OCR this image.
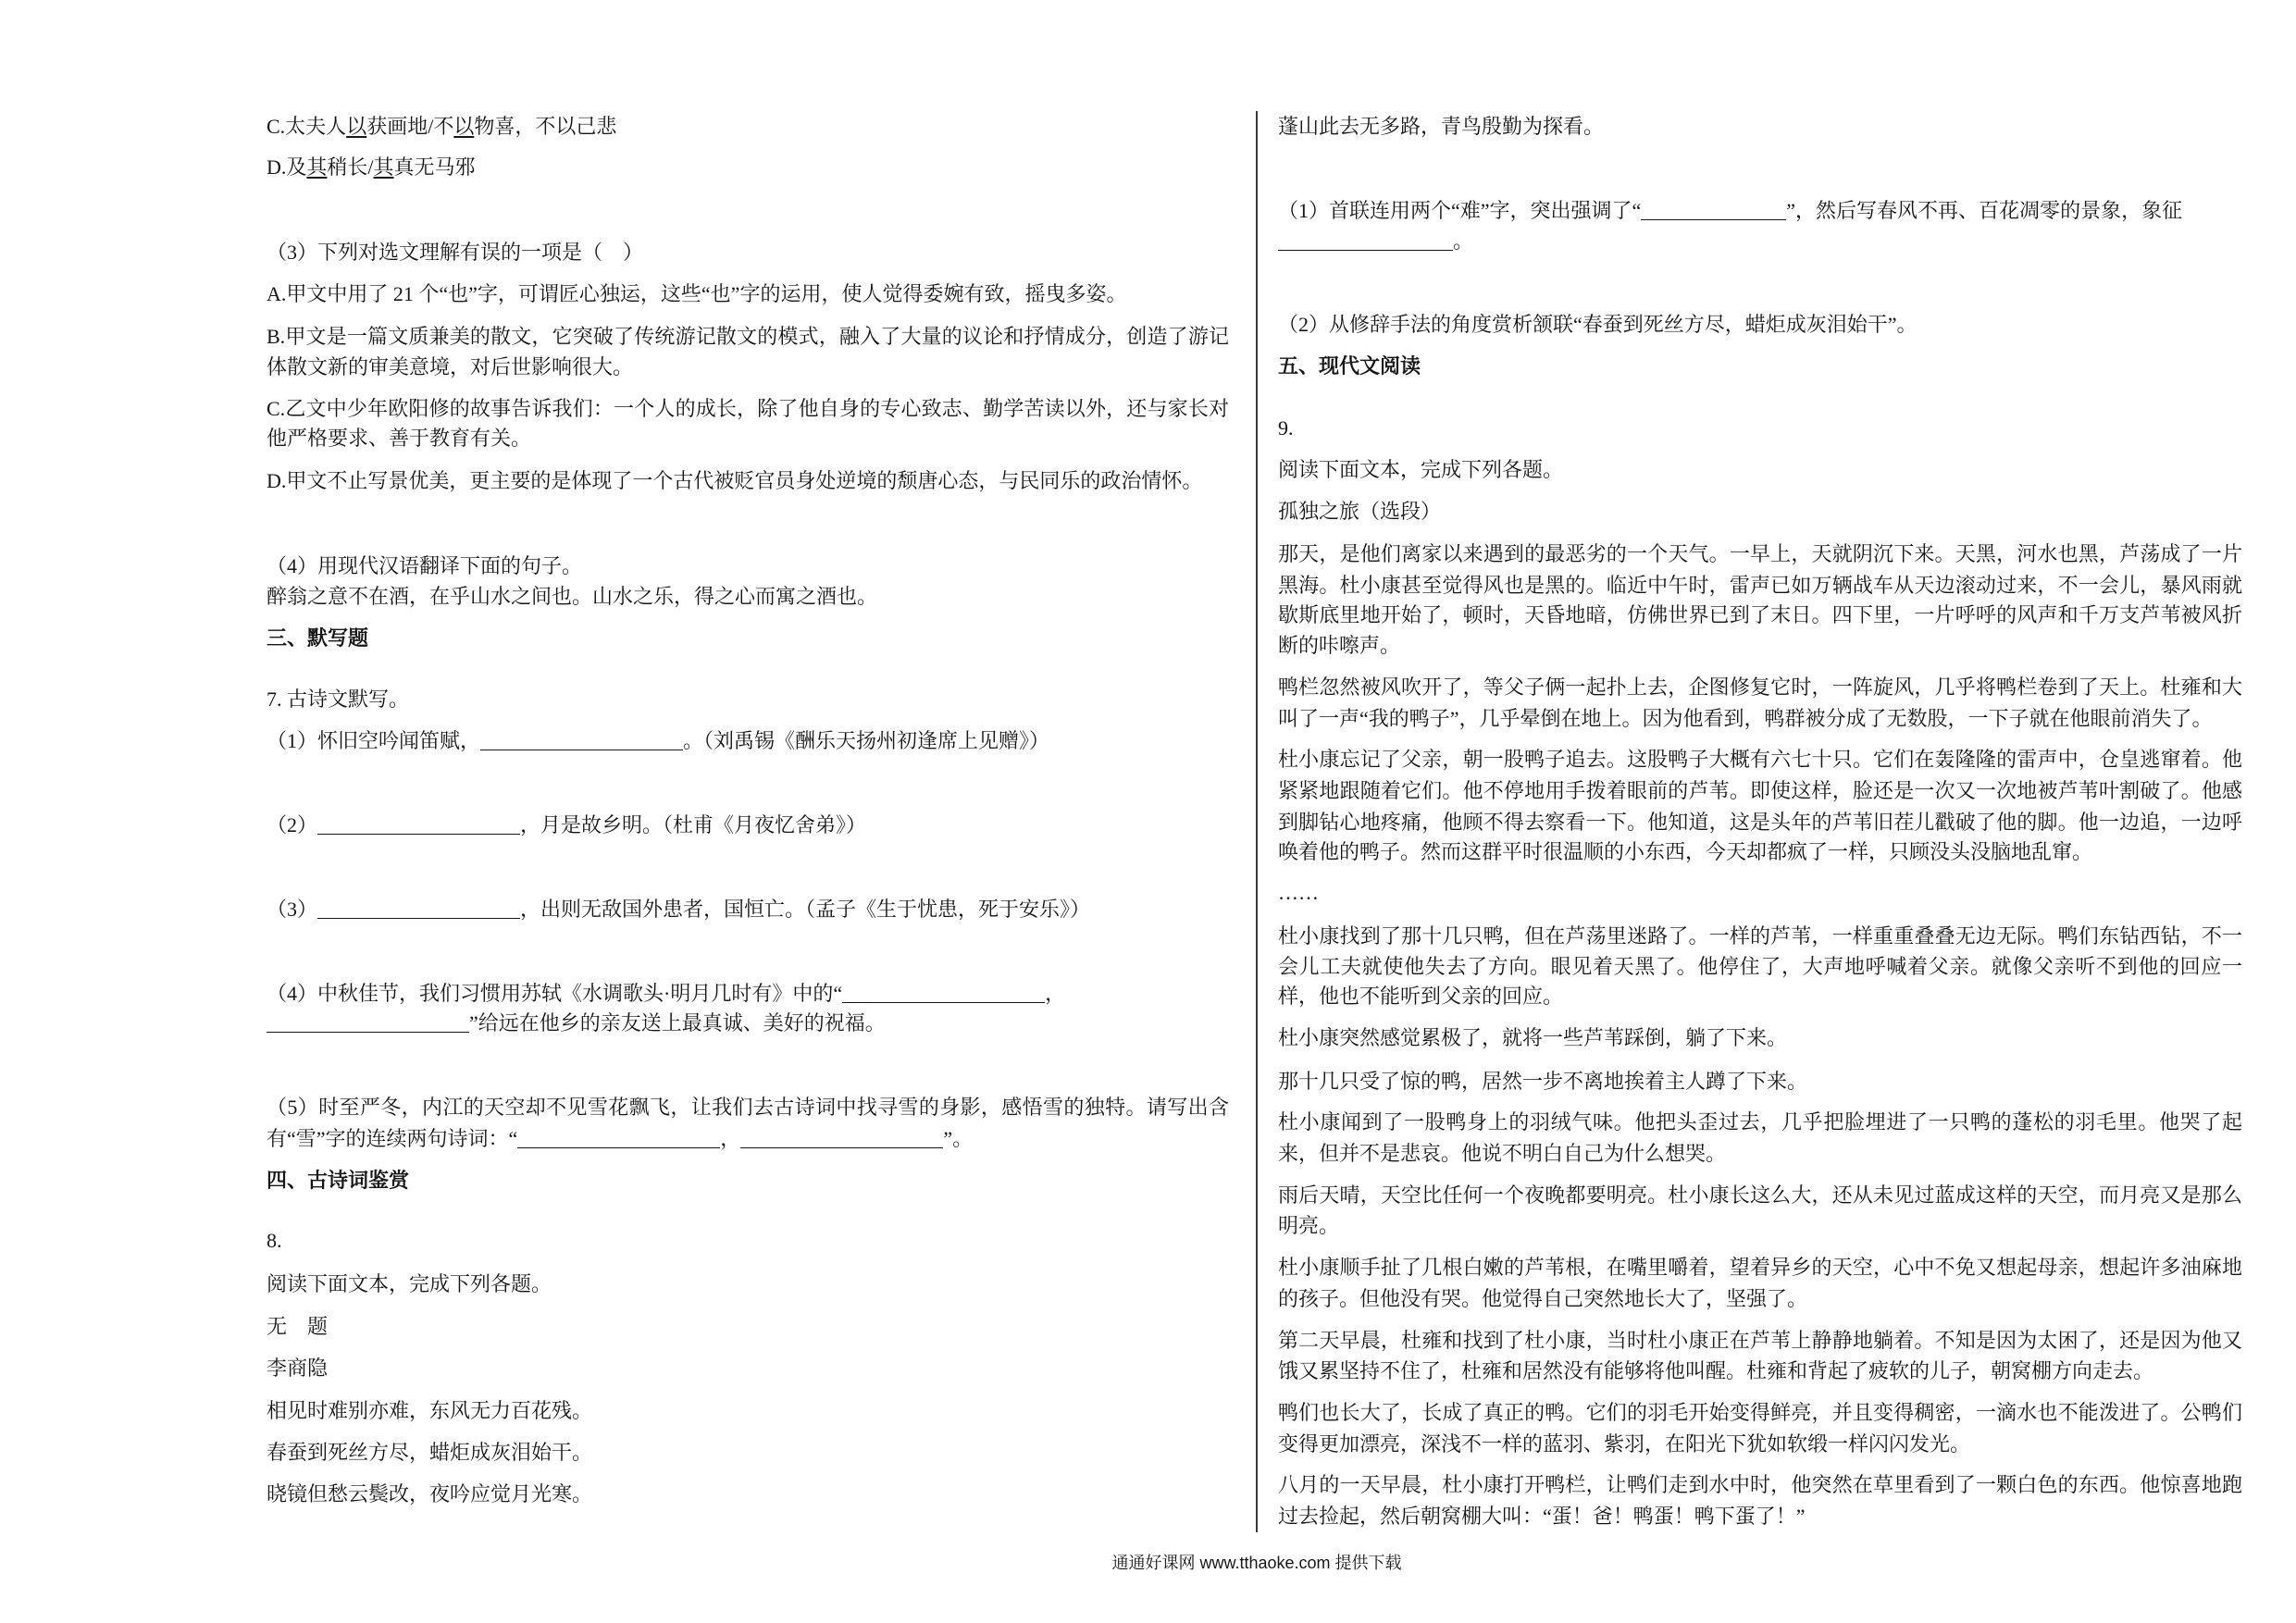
C.太夫人以获画地/不以物喜，不以己悲
D.及其稍长/其真无马邪
（3）下列对选文理解有误的一项是（　）
A.甲文中用了 21 个“也”字，可谓匠心独运，这些“也”字的运用，使人觉得委婉有致，摇曳多姿。
B.甲文是一篇文质兼美的散文，它突破了传统游记散文的模式，融入了大量的议论和抒情成分，创造了游记
体散文新的审美意境，对后世影响很大。
C.乙文中少年欧阳修的故事告诉我们：一个人的成长，除了他自身的专心致志、勤学苦读以外，还与家长对
他严格要求、善于教育有关。
D.甲文不止写景优美，更主要的是体现了一个古代被贬官员身处逆境的颓唐心态，与民同乐的政治情怀。
（4）用现代汉语翻译下面的句子。
醉翁之意不在酒，在乎山水之间也。山水之乐，得之心而寓之酒也。
三、默写题
7. 古诗文默写。
（1）怀旧空吟闻笛赋，	。（刘禹锡《酬乐天扬州初逢席上见赠》）
（2）	，月是故乡明。（杜甫《月夜忆舍弟》）
（3）	，出则无敌国外患者，国恒亡。（孟子《生于忧患，死于安乐》）
（4）中秋佳节，我们习惯用苏轼《水调歌头·明月几时有》中的“	，
”给远在他乡的亲友送上最真诚、美好的祝福。
（5）时至严冬，内江的天空却不见雪花飘飞，让我们去古诗词中找寻雪的身影，感悟雪的独特。请写出含
有“雪”字的连续两句诗词：“	，	”。
四、古诗词鉴赏
8.
阅读下面文本，完成下列各题。
无　题
李商隐
相见时难别亦难，东风无力百花残。
春蚕到死丝方尽，蜡炬成灰泪始干。
晓镜但愁云鬓改，夜吟应觉月光寒。
蓬山此去无多路，青鸟殷勤为探看。
（1）首联连用两个“难”字，突出强调了“	”，然后写春风不再、百花凋零的景象，象征
。
（2）从修辞手法的角度赏析颔联“春蚕到死丝方尽，蜡炬成灰泪始干”。
五、现代文阅读
9.
阅读下面文本，完成下列各题。
孤独之旅（选段）
那天，是他们离家以来遇到的最恶劣的一个天气。一早上，天就阴沉下来。天黑，河水也黑，芦荡成了一片
黑海。杜小康甚至觉得风也是黑的。临近中午时，雷声已如万辆战车从天边滚动过来，不一会儿，暴风雨就
歇斯底里地开始了，顿时，天昏地暗，仿佛世界已到了末日。四下里，一片呼呼的风声和千万支芦苇被风折
断的咔嚓声。
鸭栏忽然被风吹开了，等父子俩一起扑上去，企图修复它时，一阵旋风，几乎将鸭栏卷到了天上。杜雍和大
叫了一声“我的鸭子”，几乎晕倒在地上。因为他看到，鸭群被分成了无数股，一下子就在他眼前消失了。
杜小康忘记了父亲，朝一股鸭子追去。这股鸭子大概有六七十只。它们在轰隆隆的雷声中，仓皇逃窜着。他
紧紧地跟随着它们。他不停地用手拨着眼前的芦苇。即使这样，脸还是一次又一次地被芦苇叶割破了。他感
到脚钻心地疼痛，他顾不得去察看一下。他知道，这是头年的芦苇旧茬儿戳破了他的脚。他一边追，一边呼
唤着他的鸭子。然而这群平时很温顺的小东西，今天却都疯了一样，只顾没头没脑地乱窜。
……
杜小康找到了那十几只鸭，但在芦荡里迷路了。一样的芦苇，一样重重叠叠无边无际。鸭们东钻西钻，不一
会儿工夫就使他失去了方向。眼见着天黑了。他停住了，大声地呼喊着父亲。就像父亲听不到他的回应一
样，他也不能听到父亲的回应。
杜小康突然感觉累极了，就将一些芦苇踩倒，躺了下来。
那十几只受了惊的鸭，居然一步不离地挨着主人蹲了下来。
杜小康闻到了一股鸭身上的羽绒气味。他把头歪过去，几乎把脸埋进了一只鸭的蓬松的羽毛里。他哭了起
来，但并不是悲哀。他说不明白自己为什么想哭。
雨后天晴，天空比任何一个夜晚都要明亮。杜小康长这么大，还从未见过蓝成这样的天空，而月亮又是那么
明亮。
杜小康顺手扯了几根白嫩的芦苇根，在嘴里嚼着，望着异乡的天空，心中不免又想起母亲，想起许多油麻地
的孩子。但他没有哭。他觉得自己突然地长大了，坚强了。
第二天早晨，杜雍和找到了杜小康，当时杜小康正在芦苇上静静地躺着。不知是因为太困了，还是因为他又
饿又累坚持不住了，杜雍和居然没有能够将他叫醒。杜雍和背起了疲软的儿子，朝窝棚方向走去。
鸭们也长大了，长成了真正的鸭。它们的羽毛开始变得鲜亮，并且变得稠密，一滴水也不能泼进了。公鸭们
变得更加漂亮，深浅不一样的蓝羽、紫羽，在阳光下犹如软缎一样闪闪发光。
八月的一天早晨，杜小康打开鸭栏，让鸭们走到水中时，他突然在草里看到了一颗白色的东西。他惊喜地跑
过去捡起，然后朝窝棚大叫：“蛋！爸！鸭蛋！鸭下蛋了！”
通通好课网 www.tthaoke.com 提供下载
